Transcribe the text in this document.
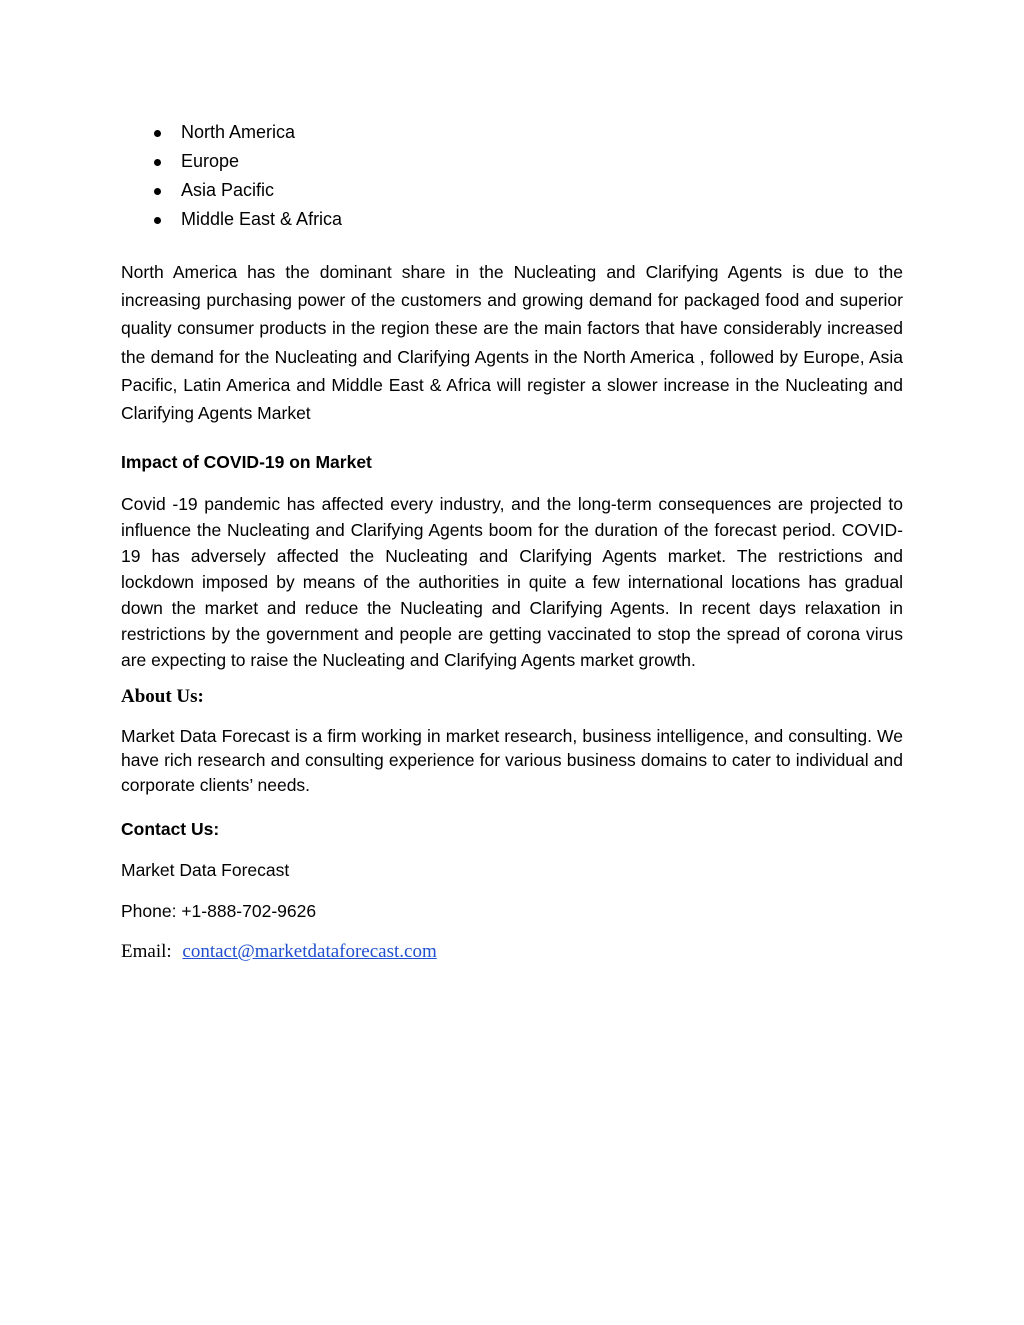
North America
Europe
Asia Pacific
Middle East & Africa

North America has the dominant share in the Nucleating and Clarifying Agents is due to the increasing purchasing power of the customers and growing demand for packaged food and superior quality consumer products in the region these are the main factors that have considerably increased the demand for the Nucleating and Clarifying Agents in the North America , followed by Europe, Asia Pacific, Latin America and Middle East & Africa will register a slower increase in the Nucleating and Clarifying Agents Market

Impact of COVID-19 on Market

Covid -19 pandemic has affected every industry, and the long-term consequences are projected to influence the Nucleating and Clarifying Agents boom for the duration of the forecast period. COVID-19 has adversely affected the Nucleating and Clarifying Agents market. The restrictions and lockdown imposed by means of the authorities in quite a few international locations has gradual down the market and reduce the Nucleating and Clarifying Agents. In recent days relaxation in restrictions by the government and people are getting vaccinated to stop the spread of corona virus are expecting to raise the Nucleating and Clarifying Agents market growth.

About Us:

Market Data Forecast is a firm working in market research, business intelligence, and consulting. We have rich research and consulting experience for various business domains to cater to individual and corporate clients’ needs.

Contact Us:

Market Data Forecast

Phone: +1-888-702-9626

Email: contact@marketdataforecast.com
